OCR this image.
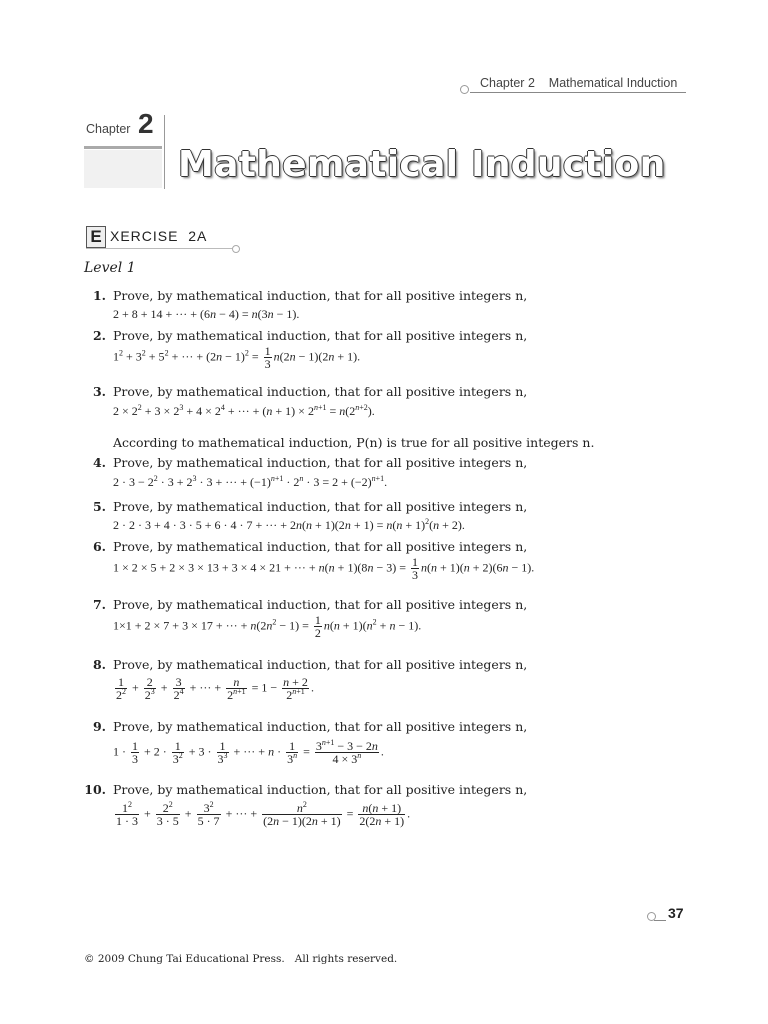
Chapter 2    Mathematical Induction
Chapter 2
Mathematical Induction
E XERCISE  2A
Level 1
1. Prove, by mathematical induction, that for all positive integers n,
2 + 8 + 14 + ··· + (6n − 4) = n(3n − 1).
2. Prove, by mathematical induction, that for all positive integers n,
$1^2 + 3^2 + 5^2$ + ··· + $(2n - 1)^2 = \frac{1}{3} n(2n - 1)(2n + 1)$.
3. Prove, by mathematical induction, that for all positive integers n,
$2 \times 2^2 + 3 \times 2^3 + 4 \times 2^4$ + ··· + $(n + 1) \times 2^{n+1} = n(2^{n+2})$.
According to mathematical induction, P(n) is true for all positive integers n.
4. Prove, by mathematical induction, that for all positive integers n,
$2 \cdot 3 - 2^2 \cdot 3 + 2^3 \cdot 3$ + ··· + $(-1)^{n+1} \cdot 2^n \cdot 3 = 2 + (-2)^{n+1}$.
5. Prove, by mathematical induction, that for all positive integers n,
2 · 2 · 3 + 4 · 3 · 5 + 6 · 4 · 7 + ··· + $2n(n + 1)(2n + 1) = n(n + 1)^2(n + 2)$.
6. Prove, by mathematical induction, that for all positive integers n,
1 × 2 × 5 + 2 × 3 × 13 + 3 × 4 × 21 + ··· + $n(n + 1)(8n - 3) = \frac{1}{3} n(n + 1)(n + 2)(6n - 1)$.
7. Prove, by mathematical induction, that for all positive integers n,
1×1 + 2 × 7 + 3 × 17 + ··· + $n(2n^2 - 1) = \frac{1}{2} n(n + 1)(n^2 + n - 1)$.
8. Prove, by mathematical induction, that for all positive integers n,
$\frac{1}{2^2} + \frac{2}{2^3} + \frac{3}{2^4}$ + ··· + $\frac{n}{2^{n+1}} = 1 - \frac{n + 2}{2^{n+1}}$ .
9. Prove, by mathematical induction, that for all positive integers n,
$1 \cdot \frac{1}{3} + 2 \cdot \frac{1}{3^2} + 3 \cdot \frac{1}{3^3}$ + ··· + $n \cdot \frac{1}{3^n} = \frac{3^{n+1} - 3 - 2n}{4 \times 3^n}$ .
10. Prove, by mathematical induction, that for all positive integers n,
$\frac{1^2}{1 \cdot 3} + \frac{2^2}{3 \cdot 5} + \frac{3^2}{5 \cdot 7}$ + ··· + $\frac{n^2}{(2n - 1)(2n + 1)} = \frac{n(n + 1)}{2(2n + 1)}$ .
37
© 2009 Chung Tai Educational Press.   All rights reserved.
